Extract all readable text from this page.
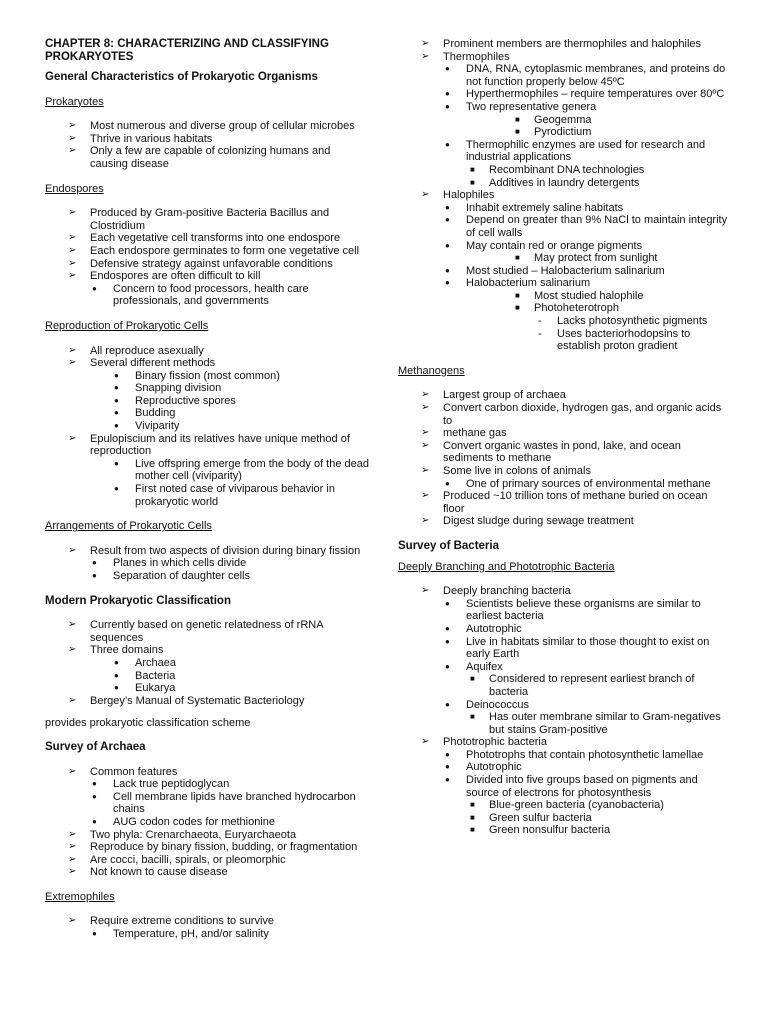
CHAPTER 8: CHARACTERIZING AND CLASSIFYING PROKARYOTES
General Characteristics of Prokaryotic Organisms
Prokaryotes
➢ Most numerous and diverse group of cellular microbes
➢ Thrive in various habitats
➢ Only a few are capable of colonizing humans and causing disease
Endospores
➢ Produced by Gram-positive Bacteria Bacillus and Clostridium
➢ Each vegetative cell transforms into one endospore
➢ Each endospore germinates to form one vegetative cell
➢ Defensive strategy against unfavorable conditions
➢ Endospores are often difficult to kill
● Concern to food processors, health care professionals, and governments
Reproduction of Prokaryotic Cells
➢ All reproduce asexually
➢ Several different methods
● Binary fission (most common)
● Snapping division
● Reproductive spores
● Budding
● Viviparity
➢ Epulopiscium and its relatives have unique method of reproduction
● Live offspring emerge from the body of the dead mother cell (viviparity)
● First noted case of viviparous behavior in prokaryotic world
Arrangements of Prokaryotic Cells
➢ Result from two aspects of division during binary fission
● Planes in which cells divide
● Separation of daughter cells
Modern Prokaryotic Classification
➢ Currently based on genetic relatedness of rRNA sequences
➢ Three domains
● Archaea
● Bacteria
● Eukarya
➢ Bergey’s Manual of Systematic Bacteriology
provides prokaryotic classification scheme
Survey of Archaea
➢ Common features
● Lack true peptidoglycan
● Cell membrane lipids have branched hydrocarbon chains
● AUG codon codes for methionine
➢ Two phyla: Crenarchaeota, Euryarchaeota
➢ Reproduce by binary fission, budding, or fragmentation
➢ Are cocci, bacilli, spirals, or pleomorphic
➢ Not known to cause disease
Extremophiles
➢ Require extreme conditions to survive
● Temperature, pH, and/or salinity
➢ Prominent members are thermophiles and halophiles
➢ Thermophiles
● DNA, RNA, cytoplasmic membranes, and proteins do not function properly below 45ºC
● Hyperthermophiles – require temperatures over 80ºC
● Two representative genera
■ Geogemma
■ Pyrodictium
● Thermophilic enzymes are used for research and industrial applications
■ Recombinant DNA technologies
■ Additives in laundry detergents
➢ Halophiles
● Inhabit extremely saline habitats
● Depend on greater than 9% NaCl to maintain integrity of cell walls
● May contain red or orange pigments
■ May protect from sunlight
● Most studied – Halobacterium salinarium
● Halobacterium salinarium
■ Most studied halophile
■ Photoheterotroph
- Lacks photosynthetic pigments
- Uses bacteriorhodopsins to establish proton gradient
Methanogens
➢ Largest group of archaea
➢ Convert carbon dioxide, hydrogen gas, and organic acids to
➢ methane gas
➢ Convert organic wastes in pond, lake, and ocean sediments to methane
➢ Some live in colons of animals
● One of primary sources of environmental methane
➢ Produced ~10 trillion tons of methane buried on ocean floor
➢ Digest sludge during sewage treatment
Survey of Bacteria
Deeply Branching and Phototrophic Bacteria
➢ Deeply branching bacteria
● Scientists believe these organisms are similar to earliest bacteria
● Autotrophic
● Live in habitats similar to those thought to exist on early Earth
● Aquifex
■ Considered to represent earliest branch of bacteria
● Deinococcus
■ Has outer membrane similar to Gram-negatives but stains Gram-positive
➢ Phototrophic bacteria
● Phototrophs that contain photosynthetic lamellae
● Autotrophic
● Divided into five groups based on pigments and source of electrons for photosynthesis
■ Blue-green bacteria (cyanobacteria)
■ Green sulfur bacteria
■ Green nonsulfur bacteria
